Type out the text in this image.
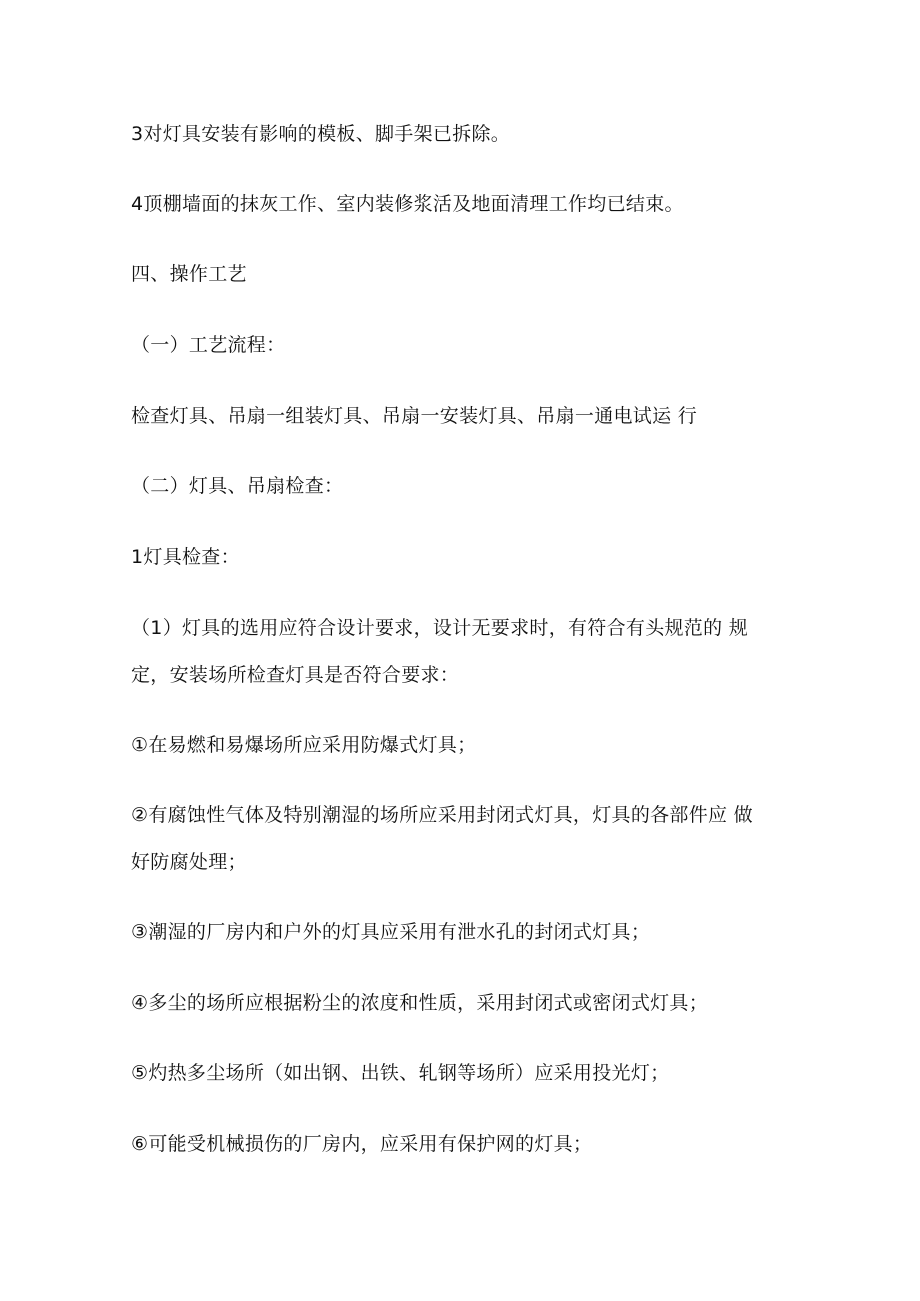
3对灯具安装有影响的模板、脚手架已拆除。
4顶棚墙面的抹灰工作、室内装修浆活及地面清理工作均已结束。
四、操作工艺
（一）工艺流程：
检查灯具、吊扇一组装灯具、吊扇一安装灯具、吊扇一通电试运 行
（二）灯具、吊扇检查：
1灯具检查：
（1）灯具的选用应符合设计要求，设计无要求时，有符合有头规范的 规
定，安装场所检查灯具是否符合要求：
①在易燃和易爆场所应采用防爆式灯具；
②有腐蚀性气体及特别潮湿的场所应采用封闭式灯具，灯具的各部件应 做
好防腐处理；
③潮湿的厂房内和户外的灯具应采用有泄水孔的封闭式灯具；
④多尘的场所应根据粉尘的浓度和性质，采用封闭式或密闭式灯具；
⑤灼热多尘场所（如出钢、出铁、轧钢等场所）应采用投光灯；
⑥可能受机械损伤的厂房内，应采用有保护网的灯具；
